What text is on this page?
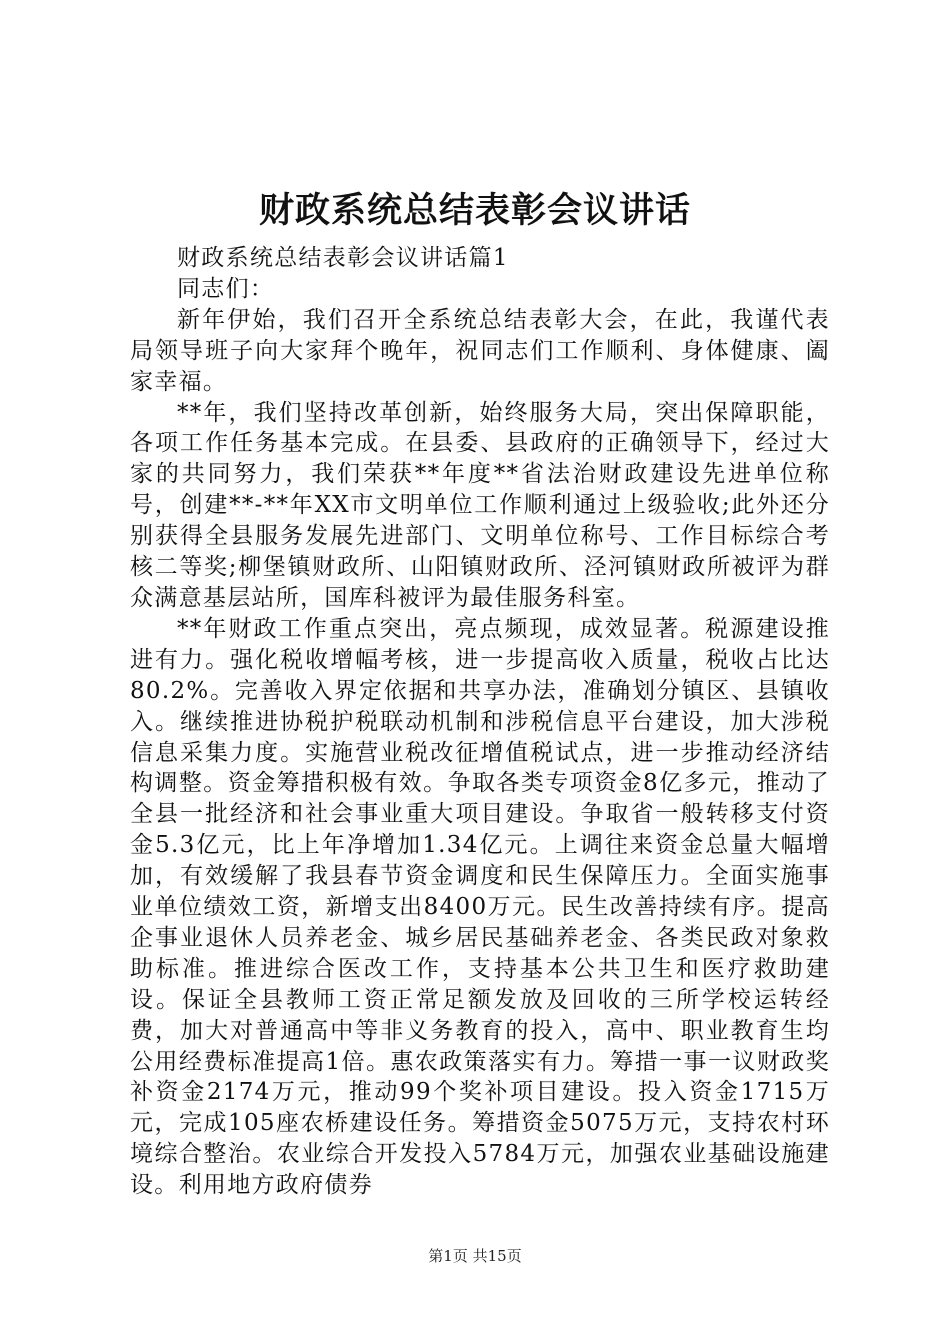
财政系统总结表彰会议讲话

财政系统总结表彰会议讲话篇1

同志们：

新年伊始，我们召开全系统总结表彰大会，在此，我谨代表局领导班子向大家拜个晚年，祝同志们工作顺利、身体健康、阖家幸福。

**年，我们坚持改革创新，始终服务大局，突出保障职能，各项工作任务基本完成。在县委、县政府的正确领导下，经过大家的共同努力，我们荣获**年度**省法治财政建设先进单位称号，创建**-**年XX市文明单位工作顺利通过上级验收;此外还分别获得全县服务发展先进部门、文明单位称号、工作目标综合考核二等奖;柳堡镇财政所、山阳镇财政所、泾河镇财政所被评为群众满意基层站所，国库科被评为最佳服务科室。

**年财政工作重点突出，亮点频现，成效显著。税源建设推进有力。强化税收增幅考核，进一步提高收入质量，税收占比达80.2%。完善收入界定依据和共享办法，准确划分镇区、县镇收入。继续推进协税护税联动机制和涉税信息平台建设，加大涉税信息采集力度。实施营业税改征增值税试点，进一步推动经济结构调整。资金筹措积极有效。争取各类专项资金8亿多元，推动了全县一批经济和社会事业重大项目建设。争取省一般转移支付资金5.3亿元，比上年净增加1.34亿元。上调往来资金总量大幅增加，有效缓解了我县春节资金调度和民生保障压力。全面实施事业单位绩效工资，新增支出8400万元。民生改善持续有序。提高企事业退休人员养老金、城乡居民基础养老金、各类民政对象救助标准。推进综合医改工作，支持基本公共卫生和医疗救助建设。保证全县教师工资正常足额发放及回收的三所学校运转经费，加大对普通高中等非义务教育的投入，高中、职业教育生均公用经费标准提高1倍。惠农政策落实有力。筹措一事一议财政奖补资金2174万元，推动99个奖补项目建设。投入资金1715万元，完成105座农桥建设任务。筹措资金5075万元，支持农村环境综合整治。农业综合开发投入5784万元，加强农业基础设施建设。利用地方政府债券

第1页 共15页
